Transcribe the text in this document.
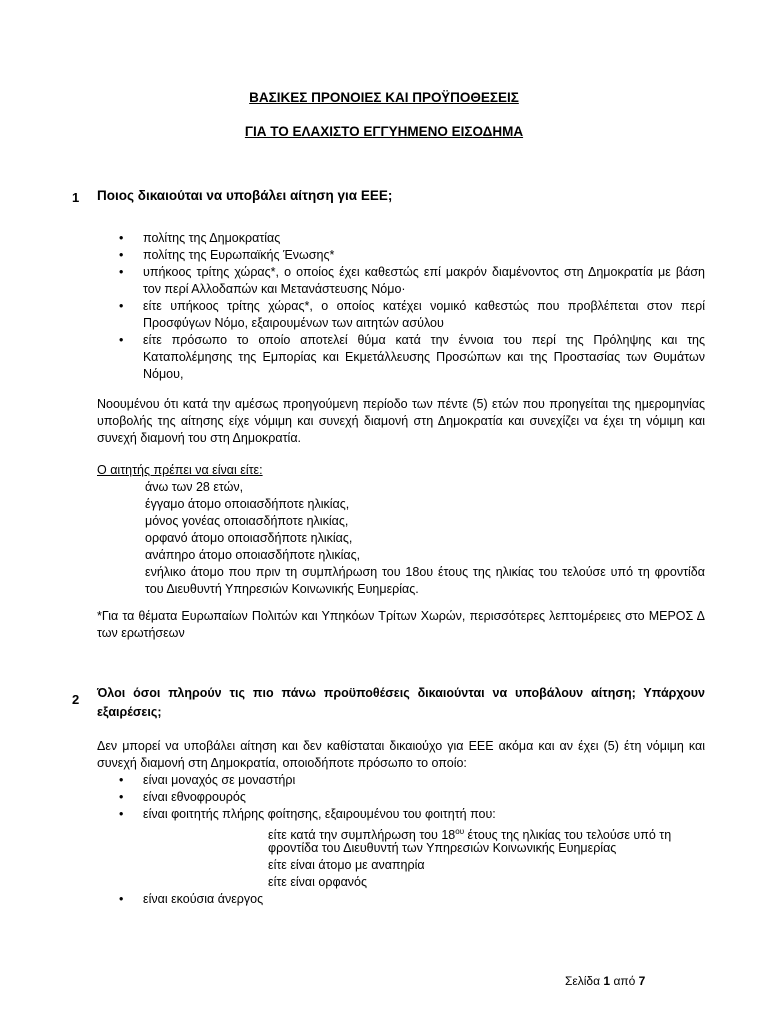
ΒΑΣΙΚΕΣ ΠΡΟΝΟΙΕΣ ΚΑΙ ΠΡΟΫΠΟΘΕΣΕΙΣ
ΓΙΑ ΤΟ ΕΛΑΧΙΣΤΟ ΕΓΓΥΗΜΕΝΟ ΕΙΣΟΔΗΜΑ
1 Ποιος δικαιούται να υποβάλει αίτηση για ΕΕΕ;
• πολίτης της Δημοκρατίας
• πολίτης της Ευρωπαϊκής Ένωσης*
• υπήκοος τρίτης χώρας*, ο οποίος έχει καθεστώς επί μακρόν διαμένοντος στη Δημοκρατία με βάση τον περί Αλλοδαπών και Μετανάστευσης Νόμο·
• είτε υπήκοος τρίτης χώρας*, ο οποίος κατέχει νομικό καθεστώς που προβλέπεται στον περί Προσφύγων Νόμο, εξαιρουμένων των αιτητών ασύλου
• είτε πρόσωπο το οποίο αποτελεί θύμα κατά την έννοια του περί της Πρόληψης και της Καταπολέμησης της Εμπορίας και Εκμετάλλευσης Προσώπων και της Προστασίας των Θυμάτων Νόμου,
Νοουμένου ότι κατά την αμέσως προηγούμενη περίοδο των πέντε (5) ετών που προηγείται της ημερομηνίας υποβολής της αίτησης είχε νόμιμη και συνεχή διαμονή στη Δημοκρατία και συνεχίζει να έχει τη νόμιμη και συνεχή διαμονή του στη Δημοκρατία.
Ο αιτητής πρέπει να είναι είτε:
άνω των 28 ετών,
έγγαμο άτομο οποιασδήποτε ηλικίας,
μόνος γονέας οποιασδήποτε ηλικίας,
ορφανό άτομο οποιασδήποτε ηλικίας,
ανάπηρο άτομο οποιασδήποτε ηλικίας,
ενήλικο άτομο που πριν τη συμπλήρωση του 18ου έτους της ηλικίας του τελούσε υπό τη φροντίδα του Διευθυντή Υπηρεσιών Κοινωνικής Ευημερίας.
*Για τα θέματα Ευρωπαίων Πολιτών και Υπηκόων Τρίτων Χωρών, περισσότερες λεπτομέρειες στο ΜΕΡΟΣ Δ των ερωτήσεων
2 Όλοι όσοι πληρούν τις πιο πάνω προϋποθέσεις δικαιούνται να υποβάλουν αίτηση; Υπάρχουν εξαιρέσεις;
Δεν μπορεί να υποβάλει αίτηση και δεν καθίσταται δικαιούχο για ΕΕΕ ακόμα και αν έχει (5) έτη νόμιμη και συνεχή διαμονή στη Δημοκρατία, οποιοδήποτε πρόσωπο το οποίο:
• είναι μοναχός σε μοναστήρι
• είναι εθνοφρουρός
• είναι φοιτητής πλήρης φοίτησης, εξαιρουμένου του φοιτητή που:
είτε κατά την συμπλήρωση του $18^{o\upsilon}$ έτους της ηλικίας του τελούσε υπό τη
φροντίδα του Διευθυντή των Υπηρεσιών Κοινωνικής Ευημερίας
είτε είναι άτομο με αναπηρία
είτε είναι ορφανός
• είναι εκούσια άνεργος
Σελίδα 1 από 7
